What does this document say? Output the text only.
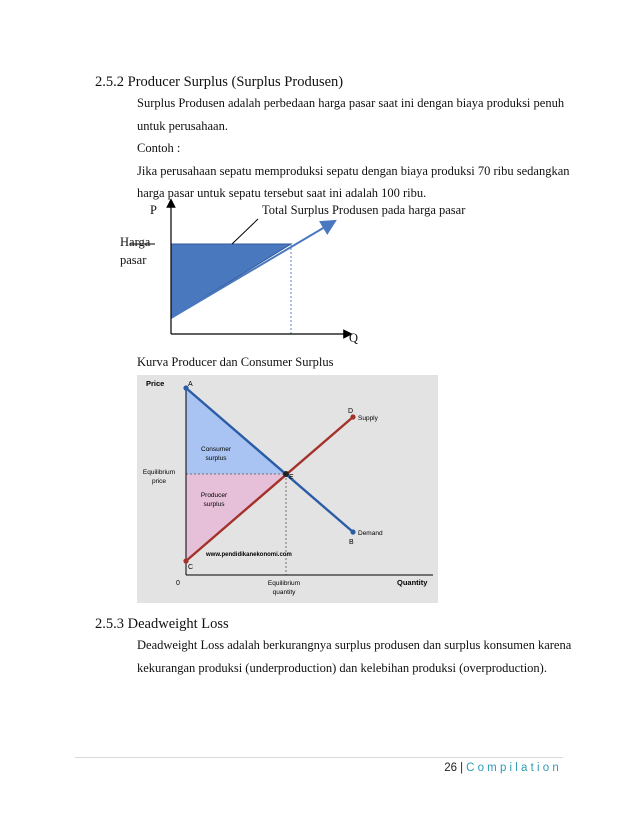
2.5.2 Producer Surplus (Surplus Produsen)
Surplus Produsen adalah perbedaan harga pasar saat ini dengan biaya produksi penuh
untuk perusahaan.
Contoh :
Jika perusahaan sepatu memproduksi sepatu dengan biaya produksi 70 ribu sedangkan
harga pasar untuk sepatu tersebut saat ini adalah 100 ribu.
P	Total Surplus Produsen pada harga pasar
Harga
pasar
Q
Kurva Producer dan Consumer Surplus
Price
Quantity
0
A
B
C
D
E
Supply
Demand
Consumer
surplus
Producer
surplus
Equilibrium
price
Equilibrium
quantity
www.pendidikanekonomi.com
2.5.3 Deadweight Loss
Deadweight Loss adalah berkurangnya surplus produsen dan surplus konsumen karena
kekurangan produksi (underproduction) dan kelebihan produksi (overproduction).
26 | Compilation
